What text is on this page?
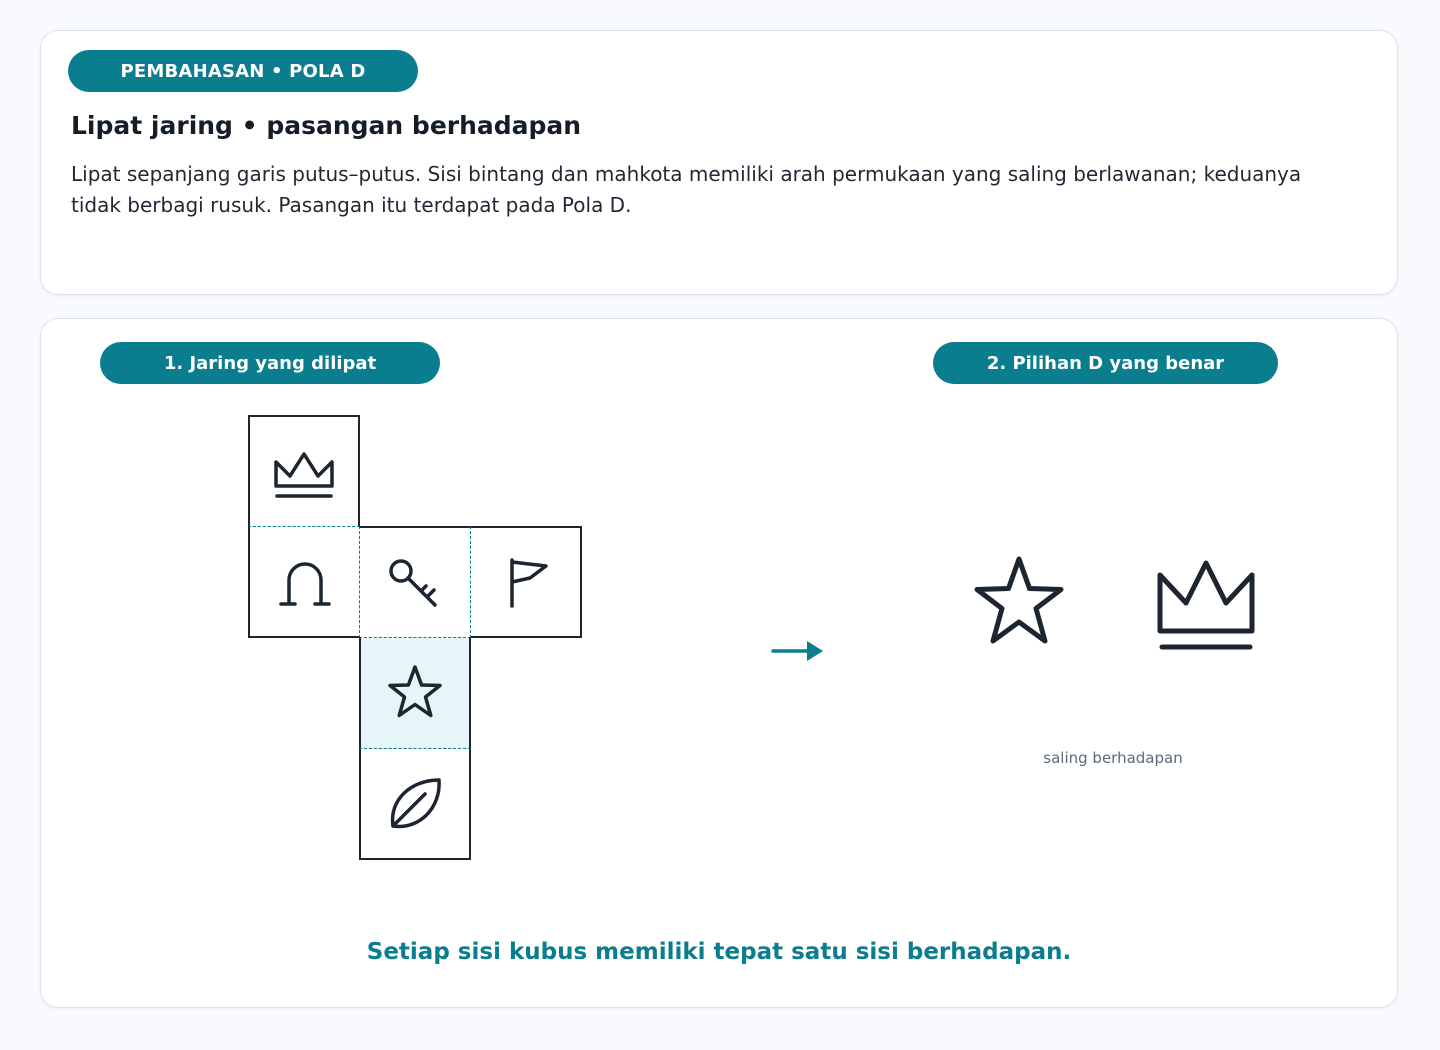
PEMBAHASAN • POLA D
Lipat jaring • pasangan berhadapan

Lipat sepanjang garis putus–putus. Sisi bintang dan mahkota memiliki arah permukaan yang saling berlawanan; keduanya tidak berbagi rusuk. Pasangan itu terdapat pada Pola D.

1. Jaring yang dilipat	2. Pilihan D yang benar
saling berhadapan
Setiap sisi kubus memiliki tepat satu sisi berhadapan.
